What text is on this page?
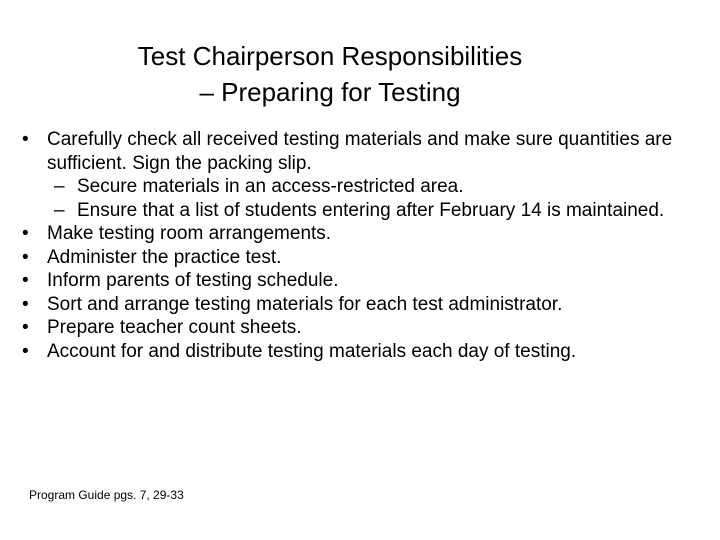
Test Chairperson Responsibilities
– Preparing for Testing
• Carefully check all received testing materials and make sure quantities are sufficient. Sign the packing slip.
– Secure materials in an access-restricted area.
– Ensure that a list of students entering after February 14 is maintained.
• Make testing room arrangements.
• Administer the practice test.
• Inform parents of testing schedule.
• Sort and arrange testing materials for each test administrator.
• Prepare teacher count sheets.
• Account for and distribute testing materials each day of testing.
Program Guide pgs. 7, 29-33
